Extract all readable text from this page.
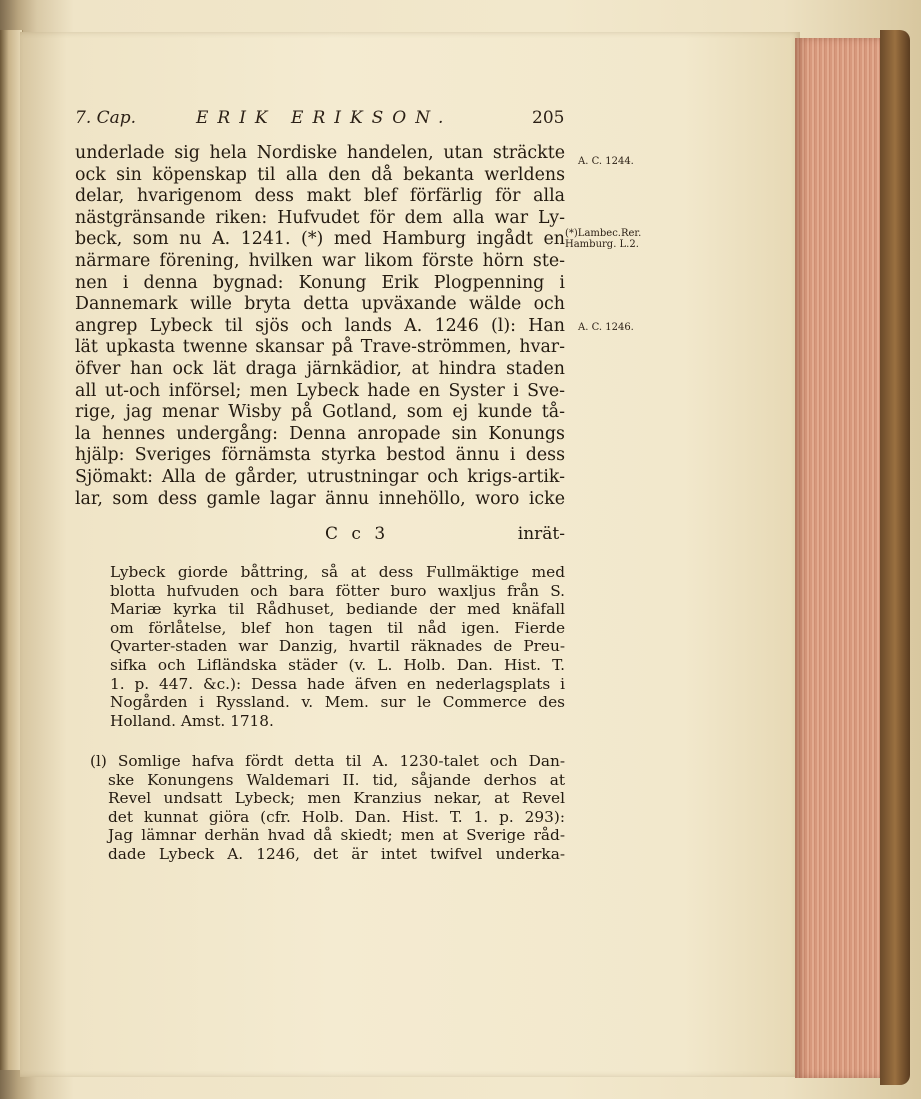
7. Cap.	ERIK ERIKSON.	205
underlade sig hela Nordiske handelen, utan sträckte
ock sin köpenskap til alla den då bekanta werldens
delar, hvarigenom dess makt blef förfärlig för alla
nästgränsande riken: Hufvudet för dem alla war Ly-
beck, som nu A. 1241. (*) med Hamburg ingådt en
närmare förening, hvilken war likom förste hörn ste-
nen i denna bygnad: Konung Erik Plogpenning i
Dannemark wille bryta detta upväxande wälde och
angrep Lybeck til sjös och lands A. 1246 (l): Han
lät upkasta twenne skansar på Trave-strömmen, hvar-
öfver han ock lät draga järnkädior, at hindra staden
all ut-och införsel; men Lybeck hade en Syster i Sve-
rige, jag menar Wisby på Gotland, som ej kunde tå-
la hennes undergång: Denna anropade sin Konungs
hjälp: Sveriges förnämsta styrka bestod ännu i dess
Sjömakt: Alla de gårder, utrustningar och krigs-artik-
lar, som dess gamle lagar ännu innehöllo, woro icke
C c 3	inrät-
A. C. 1244.
(*)Lambec.Rer.
Hamburg. L.2.
A. C. 1246.
Lybeck giorde båttring, så at dess Fullmäktige med
blotta hufvuden och bara fötter buro waxljus från S.
Mariæ kyrka til Rådhuset, bediande der med knäfall
om förlåtelse, blef hon tagen til nåd igen. Fierde
Qvarter-staden war Danzig, hvartil räknades de Preu-
sifka och Lifländska städer (v. L. Holb. Dan. Hist. T.
1. p. 447. &c.): Dessa hade äfven en nederlagsplats i
Nogården i Ryssland. v. Mem. sur le Commerce des
Holland. Amst. 1718.
(l) Somlige hafva fördt detta til A. 1230-talet och Dan-
ske Konungens Waldemari II. tid, såjande derhos at
Revel undsatt Lybeck; men Kranzius nekar, at Revel
det kunnat giöra (cfr. Holb. Dan. Hist. T. 1. p. 293):
Jag lämnar derhän hvad då skiedt; men at Sverige råd-
dade Lybeck A. 1246, det är intet twifvel underka-
